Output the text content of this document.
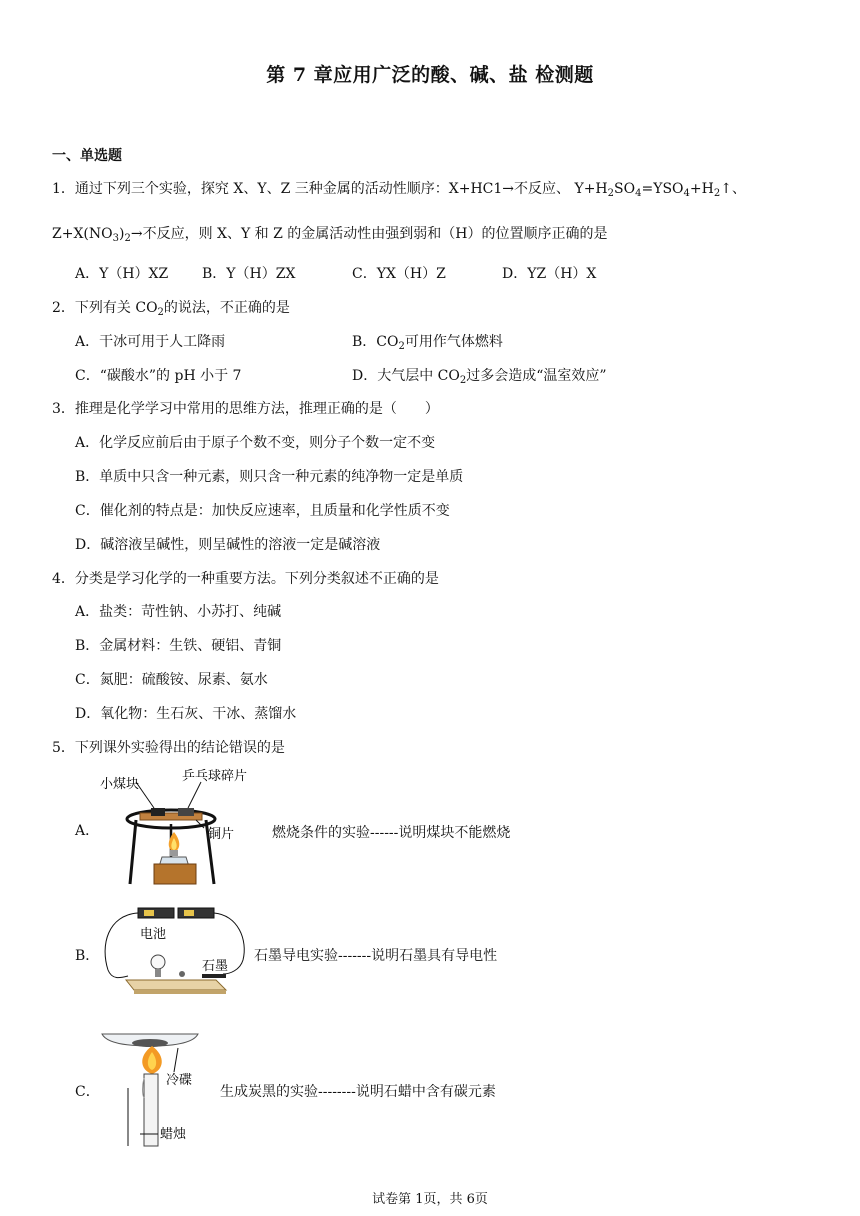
第 7 章应用广泛的酸、碱、盐 检测题
一、单选题
1．通过下列三个实验，探究 X、Y、Z 三种金属的活动性顺序：X+HC1→不反应、 $Y+H_2SO_4=YSO_4+H_2↑$、
$Z+X(NO_3)_2\to$不反应，则 X、Y 和 Z 的金属活动性由强到弱和（H）的位置顺序正确的是
A．Y（H）XZ B．Y（H）ZX	C．YX（H）Z	D．YZ（H）X
2．下列有关 $CO_2$的说法，不正确的是
A．干冰可用于人工降雨	B．$CO_2$可用作气体燃料
C．“碳酸水”的 pH 小于 7	D．大气层中 $CO_2$过多会造成“温室效应”
3．推理是化学学习中常用的思维方法，推理正确的是（　　）
A．化学反应前后由于原子个数不变，则分子个数一定不变
B．单质中只含一种元素，则只含一种元素的纯净物一定是单质
C．催化剂的特点是：加快反应速率，且质量和化学性质不变
D．碱溶液呈碱性，则呈碱性的溶液一定是碱溶液
4．分类是学习化学的一种重要方法。下列分类叙述不正确的是
A．盐类：苛性钠、小苏打、纯碱
B．金属材料：生铁、硬铝、青铜
C．氮肥：硫酸铵、尿素、氨水
D．氧化物：生石灰、干冰、蒸馏水
5．下列课外实验得出的结论错误的是
A．
小煤块
乒乓球碎片
铜片	燃烧条件的实验------说明煤块不能燃烧
B．
电池
石墨
石墨导电实验-------说明石墨具有导电性
C．
冷碟
蜡烛
生成炭黑的实验--------说明石蜡中含有碳元素
试卷第 1页，共 6页
